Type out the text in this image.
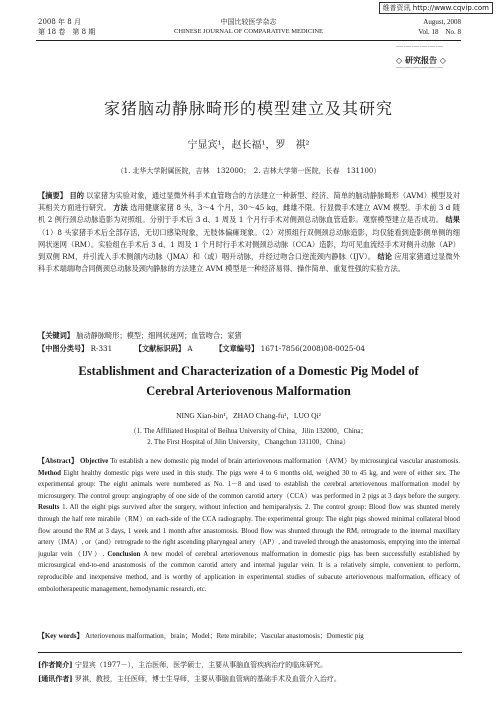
维普资讯 http://www.cqvip.com
2008 年 8 月
第 18 卷　第 8 期
中国比较医学杂志
CHINESE JOURNAL OF COMPARATIVE MEDICINE
August, 2008
Vol. 18　No. 8
﹋﹋﹋﹋﹋﹋
◇ 研究报告 ◇
﹋﹋﹋﹋﹋﹋
家猪脑动静脉畸形的模型建立及其研究
宁显宾¹，赵长福¹，罗　祺²
（1. 北华大学附属医院，吉林　132000；　2. 吉林大学第一医院，长春　131100）
【摘要】 目的 以家猪为实验对象，通过显微外科手术血管吻合的方法建立一种新型、经济、简单的脑动静脉畸形（AVM）模型及对其相关方面进行研究。 方法 选用健康家猪 8 头，3～4 个月，30～45 kg，雌雄不限。行显微手术建立 AVM 模型。手术前 3 d 随机 2 例行颈总动脉造影为对照组。分别于手术后 3 d、1 周及 1 个月行手术对侧颈总动脉血管造影。观察模型建立是否成功。 结果 （1）8 头家猪手术后全部存活，无切口感染现象，无肢体偏瘫现象。（2）对照组行双侧颈总动脉造影，均仅能看到造影侧单侧的细网状迷网（RM）。实验组在手术后 3 d、1 周及 1 个月时行手术对侧颈总动脉（CCA）造影，均可见血流经手术对侧升动脉（AP）到双侧 RM，并引流入手术侧颌内动脉（JMA）和（或）咽升动脉，并经过吻合口逆流颈内静脉（IJV）。 结论 应用家猪通过显微外科手术端端吻合同侧颈总动脉及颈内静脉的方法建立 AVM 模型是一种经济易得、操作简单、重复性强的实验方法。
【关键词】 脑动静脉畸形；模型；细网状迷网；血管吻合；家猪
【中图分类号】 R-331	【文献标识码】 A	【文章编号】 1671-7856(2008)08-0025-04
Establishment and Characterization of a Domestic Pig Model of
Cerebral Arteriovenous Malformation
NING Xian-bin¹，ZHAO Chang-fu¹，LUO Qi²
（1. The Affiliated Hospital of Beihua University of China，Jilin 132000，China；
2. The First Hospital of Jilin University，Changchun 131100，China）
【Abstract】 Objective To establish a new domestic pig model of brain arteriovenous malformation（AVM）by microsurgical vascular anastomosis. Method Eight healthy domestic pigs were used in this study. The pigs were 4 to 6 months old, weighed 30 to 45 kg, and were of either sex. The experimental group: The eight animals were numbered as No. 1－8 and used to establish the cerebral arteriovenous malformation model by microsurgery. The control group: angiography of one side of the common carotid artery（CCA）was performed in 2 pigs at 3 days before the surgery. Results 1. All the eight pigs survived after the surgery, without infection and hemiparalysis. 2. The control group: Blood flow was shunted merely through the half rete mirabile（RM）on each-side of the CCA radiography. The experimental group: The eight pigs showed minimal collateral blood flow around the RM at 3 days, 1 week and 1 month after anastomosis. Blood flow was shunted through the RM, retrograde to the internal maxillary artery（IMA）, or（and）retrograde to the right ascending pharyngeal artery（AP）, and traveled through the anastomosis, emptying into the internal jugular vein（IJV）. Conclusion A new model of cerebral arteriovenous malformation in domestic pigs has been successfully established by microsurgical end-to-end anastomosis of the common carotid artery and internal jugular vein. It is a relatively simple, convenient to perform, reproducible and inexpensive method, and is worthy of application in experimental studies of subacute arteriovenous malformation, efficacy of embolotherapeutic management, hemodynamic research, etc.
【Key words】 Arteriovenous malformation，brain；Model；Rete mirabile；Vascular anastomosis；Domestic pig
[作者简介] 宁显宾（1977－），主治医师，医学硕士，主要从事脑血管疾病治疗的临床研究。
[通讯作者] 罗祺，教授，主任医师，博士生导师，主要从事脑血管病的基础手术及血管介入治疗。
